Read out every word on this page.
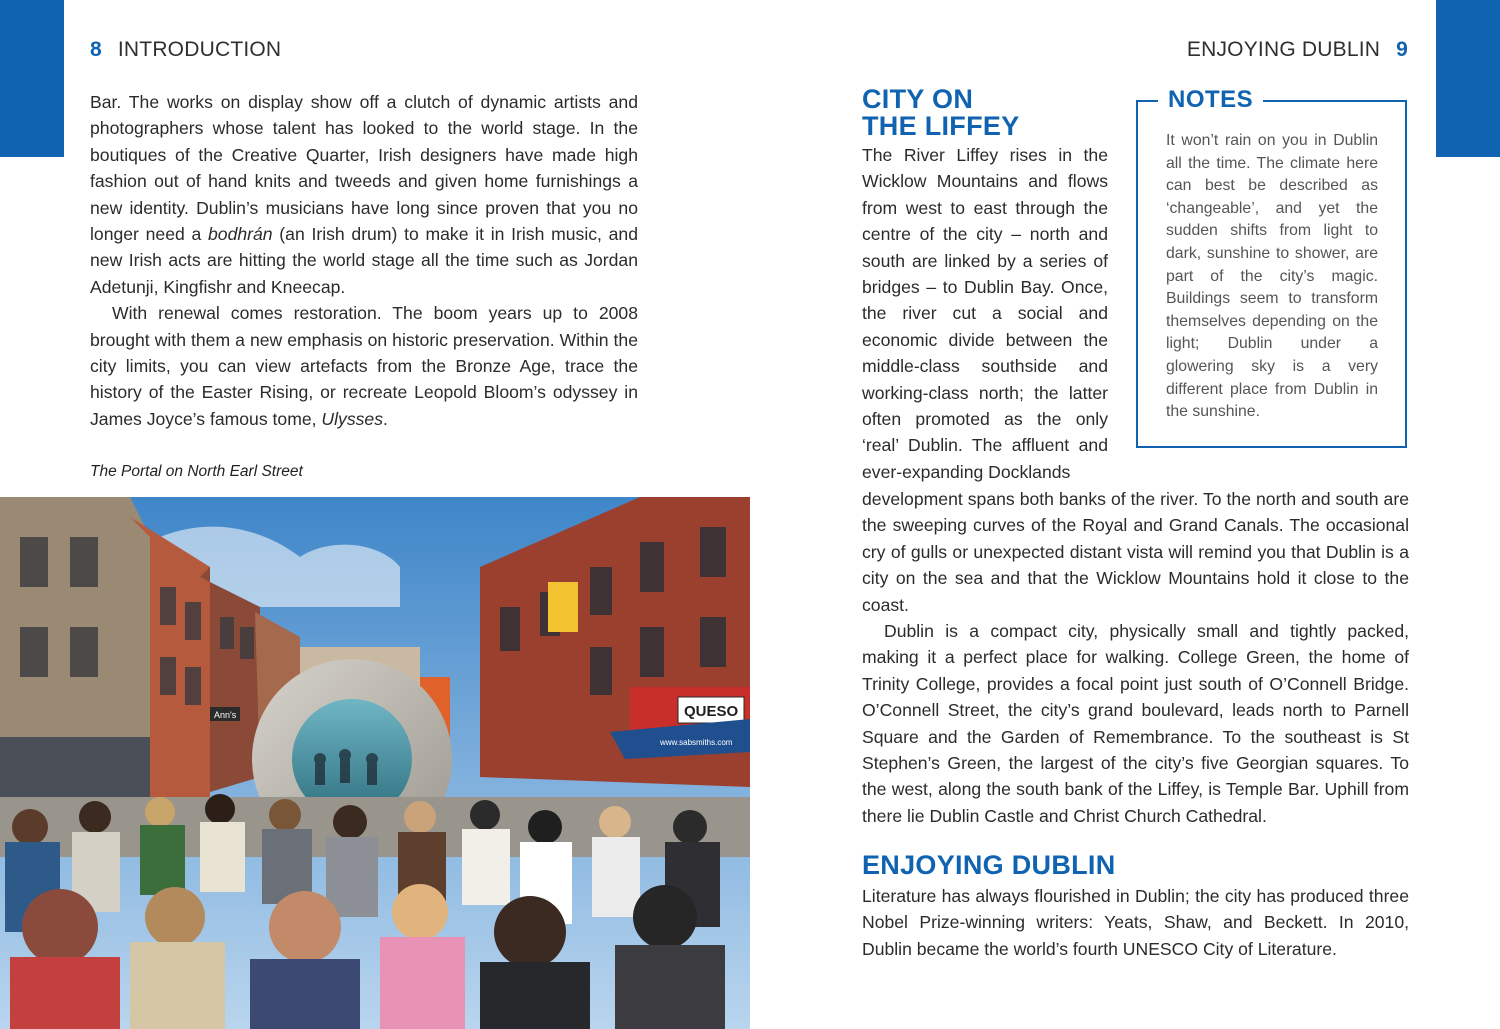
8 INTRODUCTION	ENJOYING DUBLIN 9

Bar. The works on display show off a clutch of dynamic artists and photographers whose talent has looked to the world stage. In the boutiques of the Creative Quarter, Irish designers have made high fashion out of hand knits and tweeds and given home furnishings a new identity. Dublin’s musicians have long since proven that you no longer need a bodhrán (an Irish drum) to make it in Irish music, and new Irish acts are hitting the world stage all the time such as Jordan Adetunji, Kingfishr and Kneecap.

With renewal comes restoration. The boom years up to 2008 brought with them a new emphasis on historic preservation. Within the city limits, you can view artefacts from the Bronze Age, trace the history of the Easter Rising, or recreate Leopold Bloom’s odyssey in James Joyce’s famous tome, Ulysses.

The Portal on North Earl Street
Ann's	QUESO
www.sabsmiths.com
CITY ON
THE LIFFEY

The River Liffey rises in the Wicklow Mountains and flows from west to east through the centre of the city – north and south are linked by a series of bridges – to Dublin Bay. Once, the river cut a social and economic divide between the middle-class southside and working-class north; the latter often promoted as the only ‘real’ Dublin. The affluent and ever-expanding Docklands

development spans both banks of the river. To the north and south are the sweeping curves of the Royal and Grand Canals. The occasional cry of gulls or unexpected distant vista will remind you that Dublin is a city on the sea and that the Wicklow Mountains hold it close to the coast.

Dublin is a compact city, physically small and tightly packed, making it a perfect place for walking. College Green, the home of Trinity College, provides a focal point just south of O’Connell Bridge. O’Connell Street, the city’s grand boulevard, leads north to Parnell Square and the Garden of Remembrance. To the southeast is St Stephen’s Green, the largest of the city’s five Georgian squares. To the west, along the south bank of the Liffey, is Temple Bar. Uphill from there lie Dublin Castle and Christ Church Cathedral.

NOTES
It won’t rain on you in Dublin all the time. The climate here can best be described as ‘changeable’, and yet the sudden shifts from light to dark, sunshine to shower, are part of the city’s magic. Buildings seem to transform themselves depending on the light; Dublin under a glowering sky is a very different place from Dublin in the sunshine.
ENJOYING DUBLIN

Literature has always flourished in Dublin; the city has produced three Nobel Prize-winning writers: Yeats, Shaw, and Beckett. In 2010, Dublin became the world’s fourth UNESCO City of Literature.
